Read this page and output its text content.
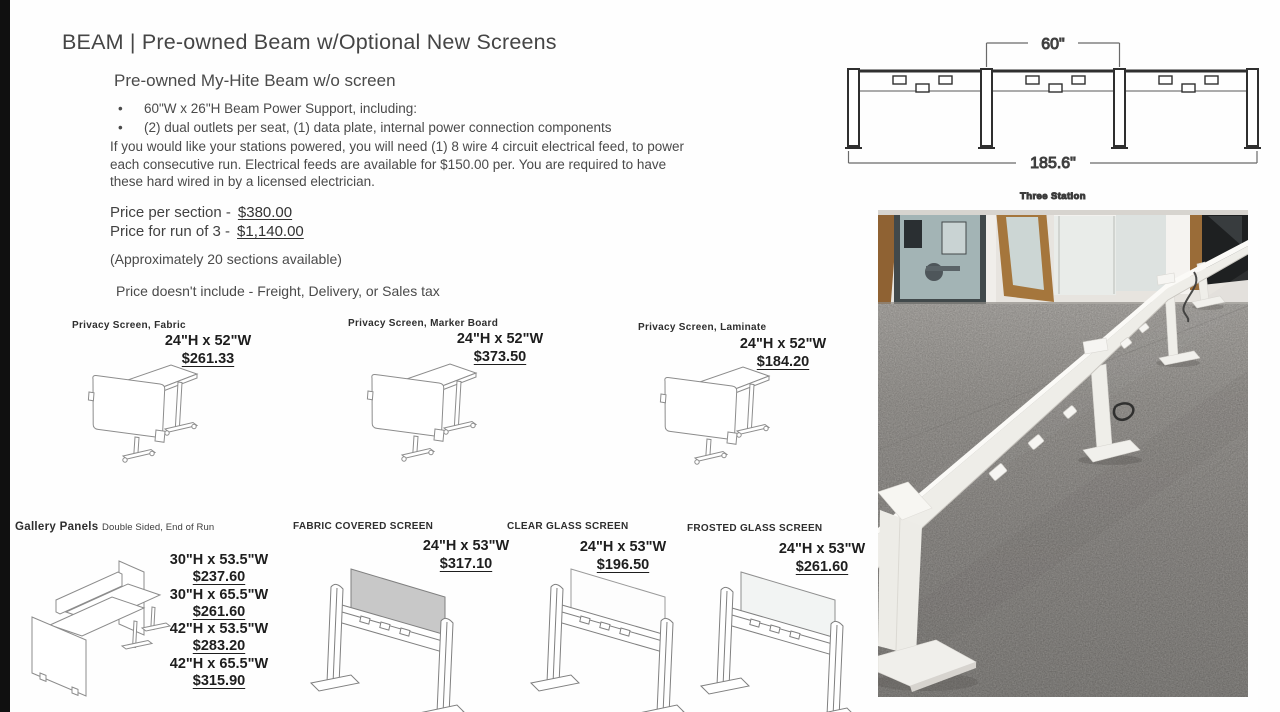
BEAM | Pre-owned Beam w/Optional New Screens
Pre-owned My-Hite Beam w/o screen
•	60"W x 26"H Beam Power Support, including:
•	(2) dual outlets per seat, (1) data plate, internal power connection components

If you would like your stations powered, you will need (1) 8 wire 4 circuit electrical feed, to power each consecutive run. Electrical feeds are available for $150.00 per. You are required to have these hard wired in by a licensed electrician.

Price per section - $380.00
Price for run of 3 - $1,140.00
(Approximately 20 sections available)
Price doesn't include - Freight, Delivery, or Sales tax
60"
185.6"
Three Station
Privacy Screen, Fabric
24"H x 52"W
$261.33
Privacy Screen, Marker Board
24"H x 52"W
$373.50
Privacy Screen, Laminate
24"H x 52"W
$184.20
Gallery Panels Double Sided, End of Run
30"H x 53.5"W
$237.60
30"H x 65.5"W
$261.60
42"H x 53.5"W
$283.20
42"H x 65.5"W
$315.90
FABRIC COVERED SCREEN
24"H x 53"W
$317.10
CLEAR GLASS SCREEN
24"H x 53"W
$196.50
FROSTED GLASS SCREEN
24"H x 53"W
$261.60
